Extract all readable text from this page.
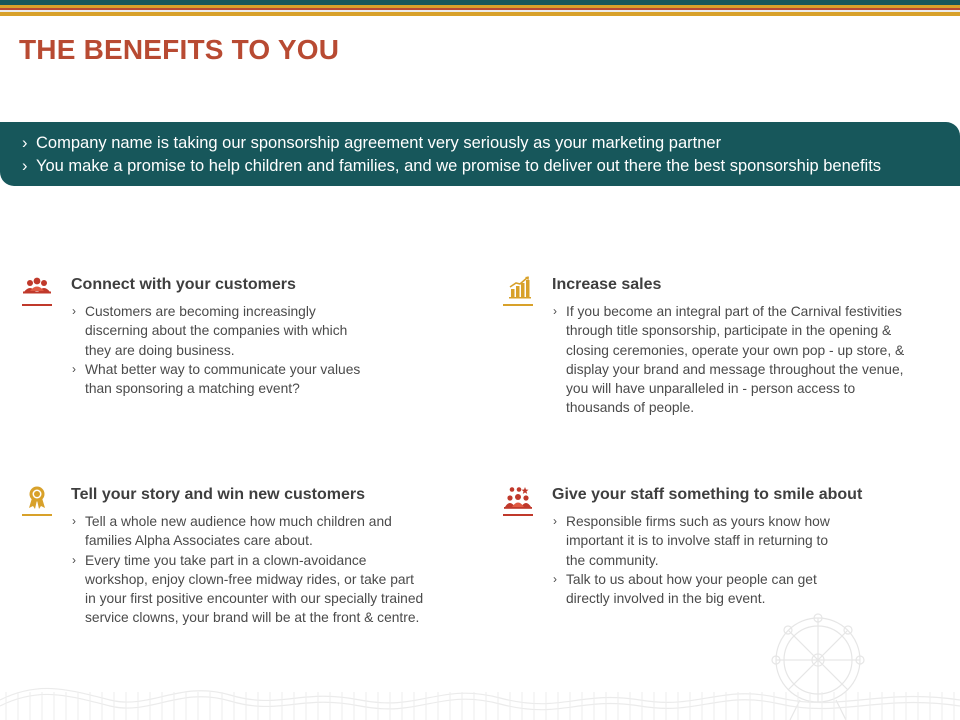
THE BENEFITS TO YOU
› Company name is taking our sponsorship agreement very seriously as your marketing partner
› You make a promise to help children and families, and we promise to deliver out there the best sponsorship benefits
Connect with your customers
› Customers are becoming increasingly
discerning about the companies with which
they are doing business.
› What better way to communicate your values
than sponsoring a matching event?
Increase sales
› If you become an integral part of the Carnival festivities
through title sponsorship, participate in the opening &
closing ceremonies, operate your own pop - up store, &
display your brand and message throughout the venue,
you will have unparalleled in - person access to
thousands of people.
Tell your story and win new customers
› Tell a whole new audience how much children and
families Alpha Associates care about.
› Every time you take part in a clown-avoidance
workshop, enjoy clown-free midway rides, or take part
in your first positive encounter with our specially trained
service clowns, your brand will be at the front & centre.
Give your staff something to smile about
› Responsible firms such as yours know how
important it is to involve staff in returning to
the community.
› Talk to us about how your people can get
directly involved in the big event.
